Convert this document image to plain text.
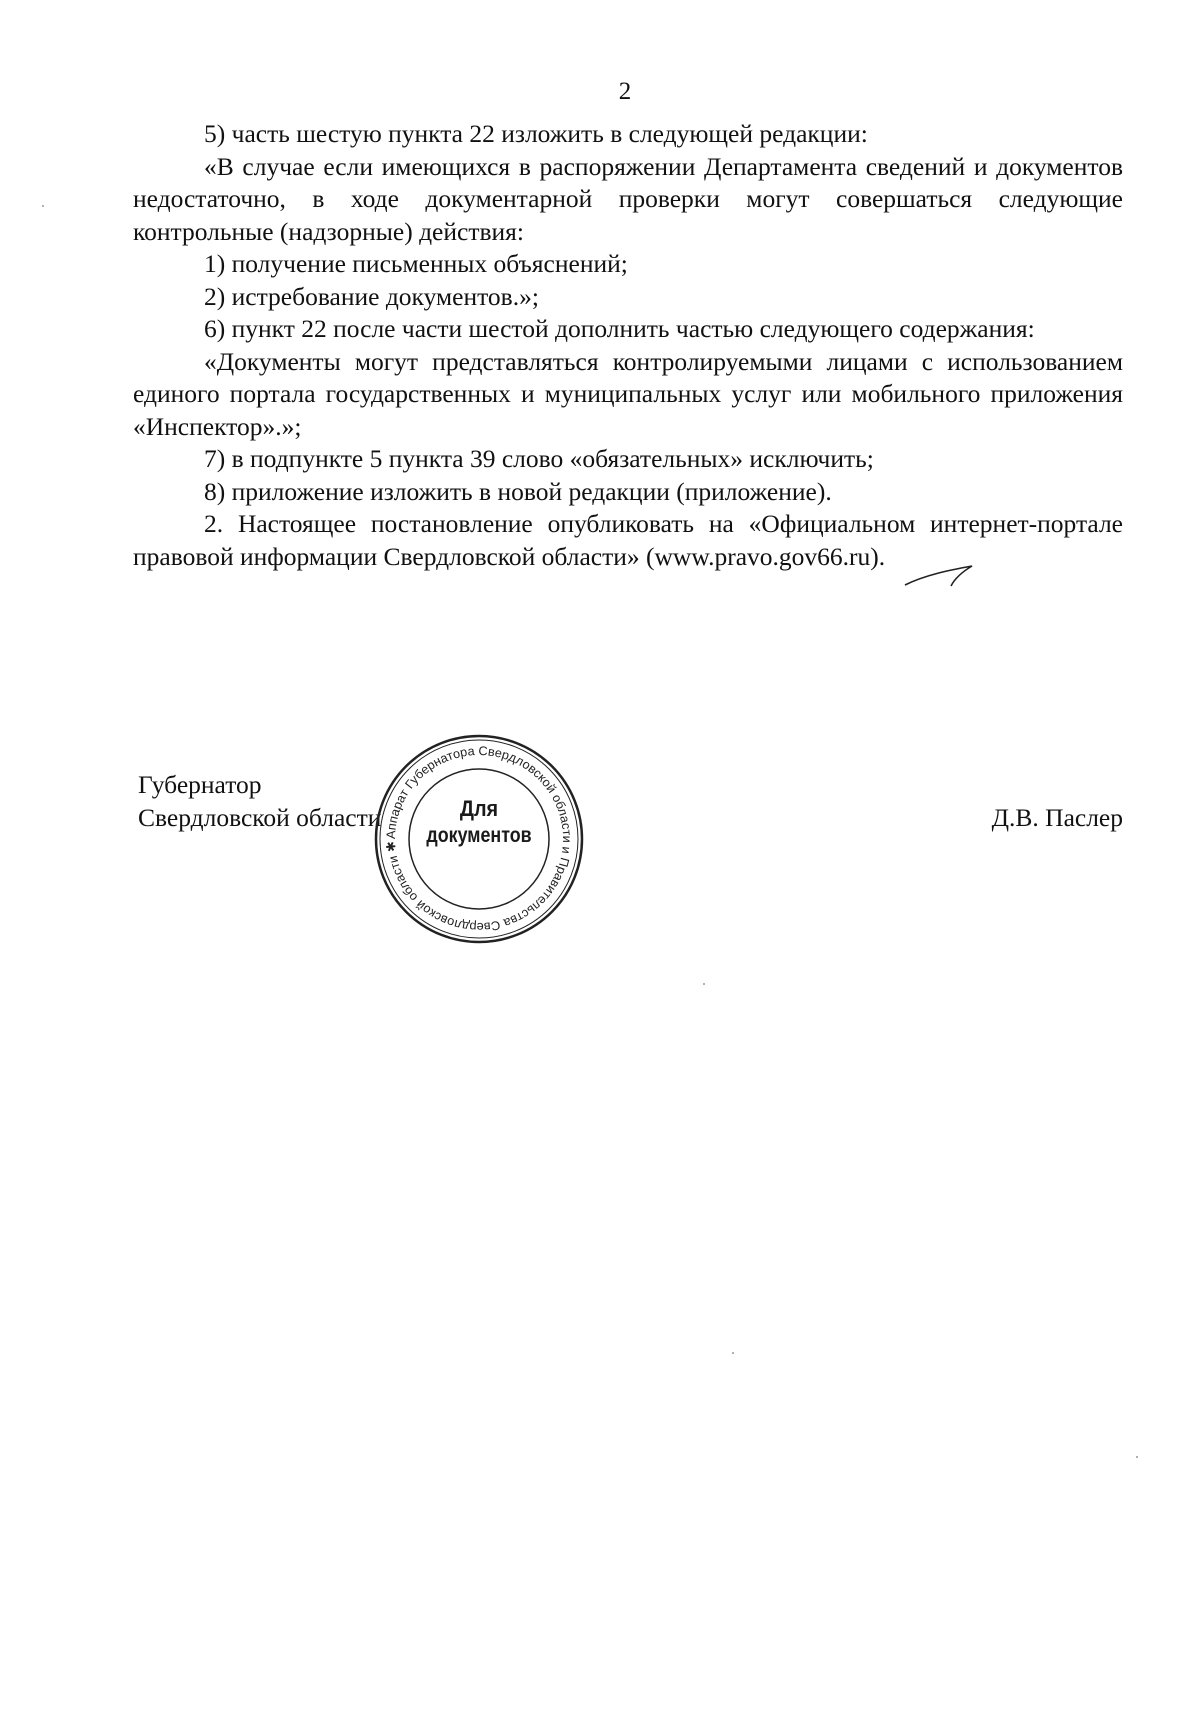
2

5) часть шестую пункта 22 изложить в следующей редакции:

«В случае если имеющихся в распоряжении Департамента сведений и документов недостаточно, в ходе документарной проверки могут совершаться следующие контрольные (надзорные) действия:

1) получение письменных объяснений;

2) истребование документов.»;

6) пункт 22 после части шестой дополнить частью следующего содержания:

«Документы могут представляться контролируемыми лицами с использованием единого портала государственных и муниципальных услуг или мобильного приложения «Инспектор».»;

7) в подпункте 5 пункта 39 слово «обязательных» исключить;

8) приложение изложить в новой редакции (приложение).

2. Настоящее постановление опубликовать на «Официальном интернет-портале правовой информации Свердловской области» (www.pravo.gov66.ru).

Губернатор
Свердловской области	Д.В. Паслер
Аппарат Губернатора Свердловской области и Правительства Свердловской области ✱
Для
документов
